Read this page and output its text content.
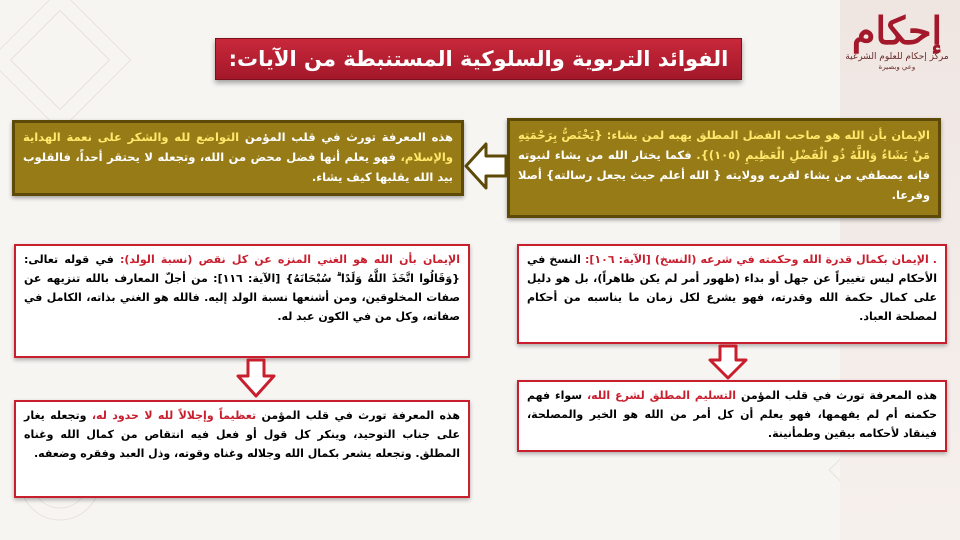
إحكام
مركز إحكام للعلوم الشرعية
وعي وبصيرة
الفوائد التربوية والسلوكية المستنبطة من الآيات:
الإيمان بأن الله هو صاحب الفضل المطلق يهبه لمن يشاء: {يَخْتَصُّ بِرَحْمَتِهِ مَنْ يَشَاءُ وَاللَّهُ ذُو الْفَضْلِ الْعَظِيمِ (١٠٥)}. فكما يختار الله من يشاء لنبوته فإنه يصطفي من يشاء لقربه وولايته { الله أعلم حيث يجعل رسالته} أصلا وفرعا.
هذه المعرفة تورث في قلب المؤمن التواضع لله والشكر على نعمة الهداية والإسلام، فهو يعلم أنها فضل محض من الله، وتجعله لا يحتقر أحداً، فالقلوب بيد الله يقلبها كيف يشاء.
. الإيمان بكمال قدرة الله وحكمته في شرعه (النسخ) [الآية: ١٠٦]: النسخ في الأحكام ليس تغييراً عن جهل أو بداء (ظهور أمر لم يكن ظاهراً)، بل هو دليل على كمال حكمة الله وقدرته، فهو يشرع لكل زمان ما يناسبه من أحكام لمصلحة العباد.
الإيمان بأن الله هو الغني المنزه عن كل نقص (نسبة الولد): في قوله تعالى: {وَقَالُوا اتَّخَذَ اللَّهُ وَلَدًا ۗ سُبْحَانَهُ} [الآية: ١١٦]: من أجلّ المعارف بالله تنزيهه عن صفات المخلوقين، ومن أشنعها نسبة الولد إليه. فالله هو الغني بذاته، الكامل في صفاته، وكل من في الكون عبد له.
هذه المعرفة تورث في قلب المؤمن التسليم المطلق لشرع الله، سواء فهم حكمته أم لم يفهمها، فهو يعلم أن كل أمر من الله هو الخير والمصلحة، فينقاد لأحكامه بيقين وطمأنينة.
هذه المعرفة تورث في قلب المؤمن تعظيماً وإجلالاً لله لا حدود له، وتجعله يغار على جناب التوحيد، وينكر كل قول أو فعل فيه انتقاص من كمال الله وغناه المطلق. وتجعله يشعر بكمال الله وجلاله وغناه وقوته، وذل العبد وفقره وضعفه.
